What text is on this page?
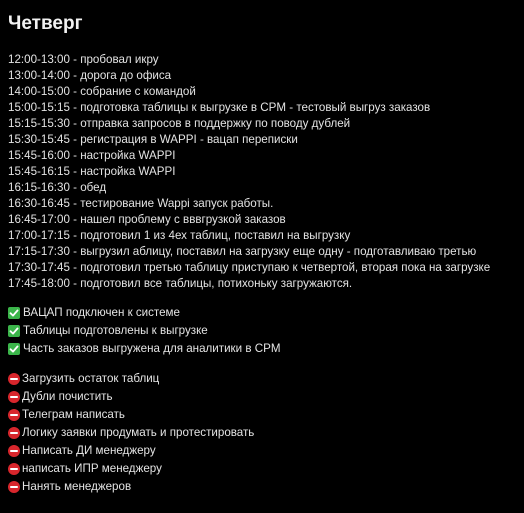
Четверг
12:00-13:00 - пробовал икру
13:00-14:00 - дорога до офиса
14:00-15:00 - собрание с командой
15:00-15:15 - подготовка таблицы к выгрузке в CPM - тестовый выгруз заказов
15:15-15:30 - отправка запросов в поддержку по поводу дублей
15:30-15:45 - регистрация в WAPPI - вацап переписки
15:45-16:00 - настройка WAPPI
15:45-16:15 - настройка WAPPI
16:15-16:30 - обед
16:30-16:45 - тестирование Wappi запуск работы.
16:45-17:00 - нашел проблему с вввгрузкой заказов
17:00-17:15 - подготовил 1 из 4ех таблиц, поставил на выгрузку
17:15-17:30 - выгрузил аблицу, поставил на загрузку еще одну - подготавливаю третью
17:30-17:45 - подготовил третью таблицу приступаю к четвертой, вторая пока на загрузке
17:45-18:00 - подготовил все таблицы, потихоньку загружаются.
ВАЦАП подключен к системе
Таблицы подготовлены к выгрузке
Часть заказов выгружена для аналитики в CPM
Загрузить остаток таблиц
Дубли почистить
Телеграм написать
Логику заявки продумать и протестировать
Написать ДИ менеджеру
написать ИПР менеджеру
Нанять менеджеров
